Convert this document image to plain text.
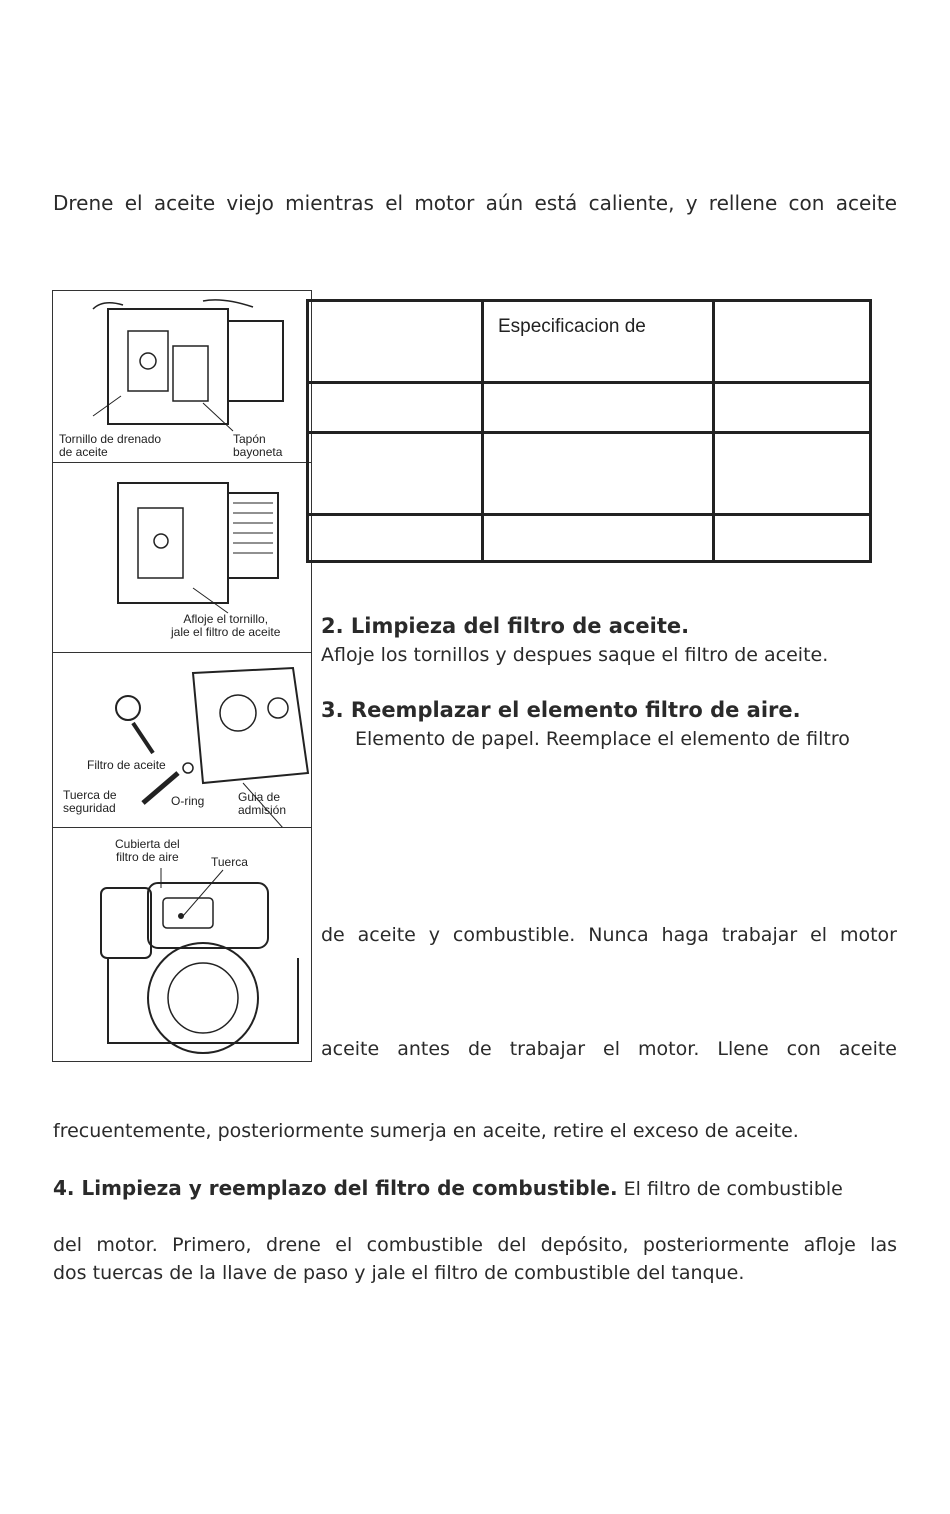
Drene el aceite viejo mientras el motor aún está caliente, y rellene con aceite
Tornillo de drenado
de aceite
Tapón
bayoneta
Afloje el tornillo,
jale el filtro de aceite
Filtro de aceite
Tuerca de
seguridad	O-ring	Guia de
admisión
Cubierta del
filtro de aire	Tuerca
	Especificacion de	

2. Limpieza del filtro de aceite.
Afloje los tornillos y despues saque el filtro de aceite.
3. Reemplazar el elemento filtro de aire.
Elemento de papel. Reemplace el elemento de filtro
de aceite y combustible. Nunca haga trabajar el motor
aceite antes de trabajar el motor. Llene con aceite
frecuentemente, posteriormente sumerja en aceite, retire el exceso de aceite.
4. Limpieza y reemplazo del filtro de combustible. El filtro de combustible
del motor. Primero, drene el combustible del depósito, posteriormente afloje las
dos tuercas de la llave de paso y jale el filtro de combustible del tanque.
